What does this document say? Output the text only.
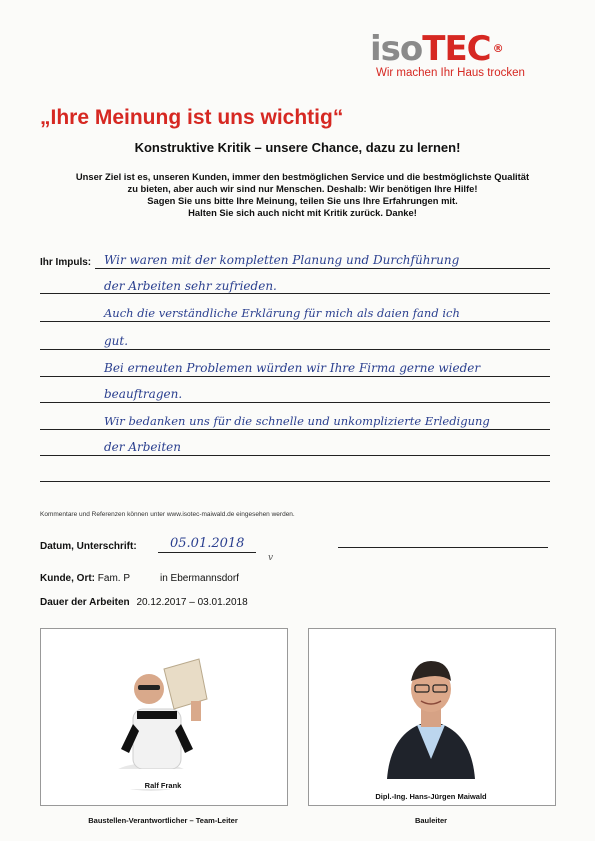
isoTEC ®
Wir machen Ihr Haus trocken
„Ihre Meinung ist uns wichtig“
Konstruktive Kritik – unsere Chance, dazu zu lernen!
Unser Ziel ist es, unseren Kunden, immer den bestmöglichen Service und die bestmöglichste Qualität
zu bieten, aber auch wir sind nur Menschen. Deshalb: Wir benötigen Ihre Hilfe!
Sagen Sie uns bitte Ihre Meinung, teilen Sie uns Ihre Erfahrungen mit.
Halten Sie sich auch nicht mit Kritik zurück. Danke!
Ihr Impuls: Wir waren mit der kompletten Planung und Durchführung
der Arbeiten sehr zufrieden.
Auch die verständliche Erklärung für mich als daien fand ich
gut.
Bei erneuten Problemen würden wir Ihre Firma gerne wieder
beauftragen.
Wir bedanken uns für die schnelle und unkomplizierte Erledigung
der Arbeiten
Kommentare und Referenzen können unter www.isotec-maiwald.de eingesehen werden.
Datum, Unterschrift:	05.01.2018
v
Kunde, Ort: Fam. P	in Ebermannsdorf
Dauer der Arbeiten 20.12.2017 – 03.01.2018
Ralf Frank
Dipl.-Ing. Hans-Jürgen Maiwald
Baustellen-Verantwortlicher – Team-Leiter	Bauleiter
